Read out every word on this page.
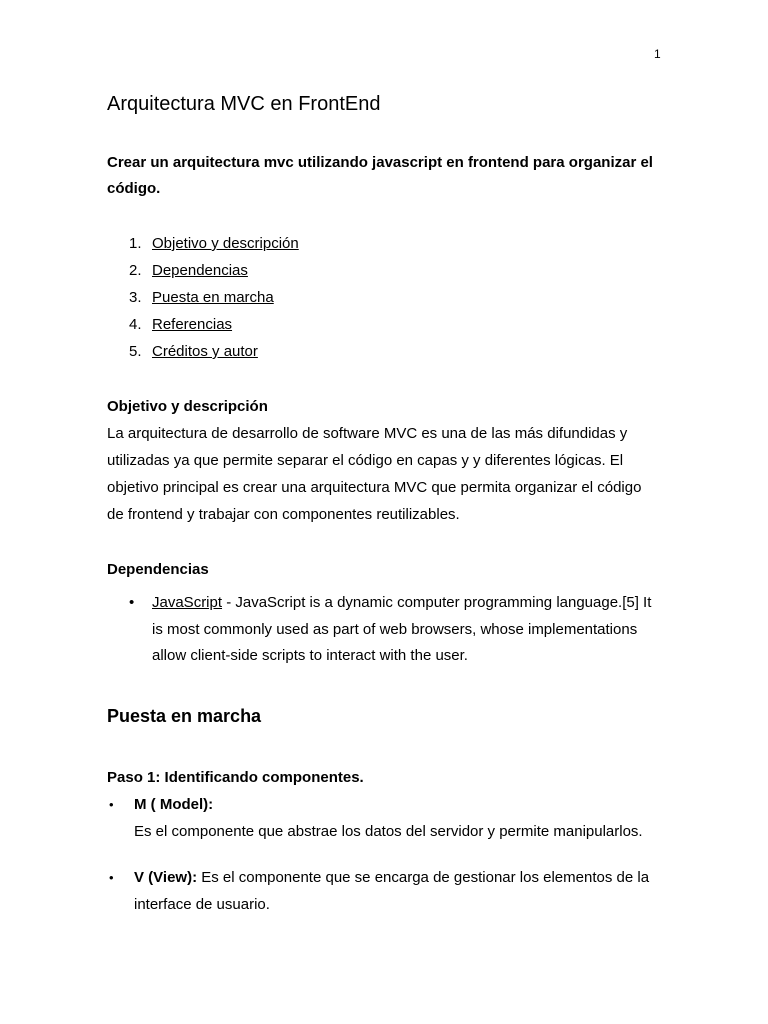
1
Arquitectura MVC en FrontEnd

Crear un arquitectura mvc utilizando javascript en frontend para organizar el código.

1. Objetivo y descripción
2. Dependencias
3. Puesta en marcha
4. Referencias
5. Créditos y autor
Objetivo y descripción

La arquitectura de desarrollo de software MVC es una de las más difundidas y utilizadas ya que permite separar el código en capas y y diferentes lógicas. El objetivo principal es crear una arquitectura MVC que permita organizar el código de frontend y trabajar con componentes reutilizables.

Dependencias
• JavaScript - JavaScript is a dynamic computer programming language.[5] It is most commonly used as part of web browsers, whose implementations allow client-side scripts to interact with the user.
Puesta en marcha
Paso 1: Identificando componentes.
• M ( Model):
Es el componente que abstrae los datos del servidor y permite manipularlos.
• V (View): Es el componente que se encarga de gestionar los elementos de la interface de usuario.
